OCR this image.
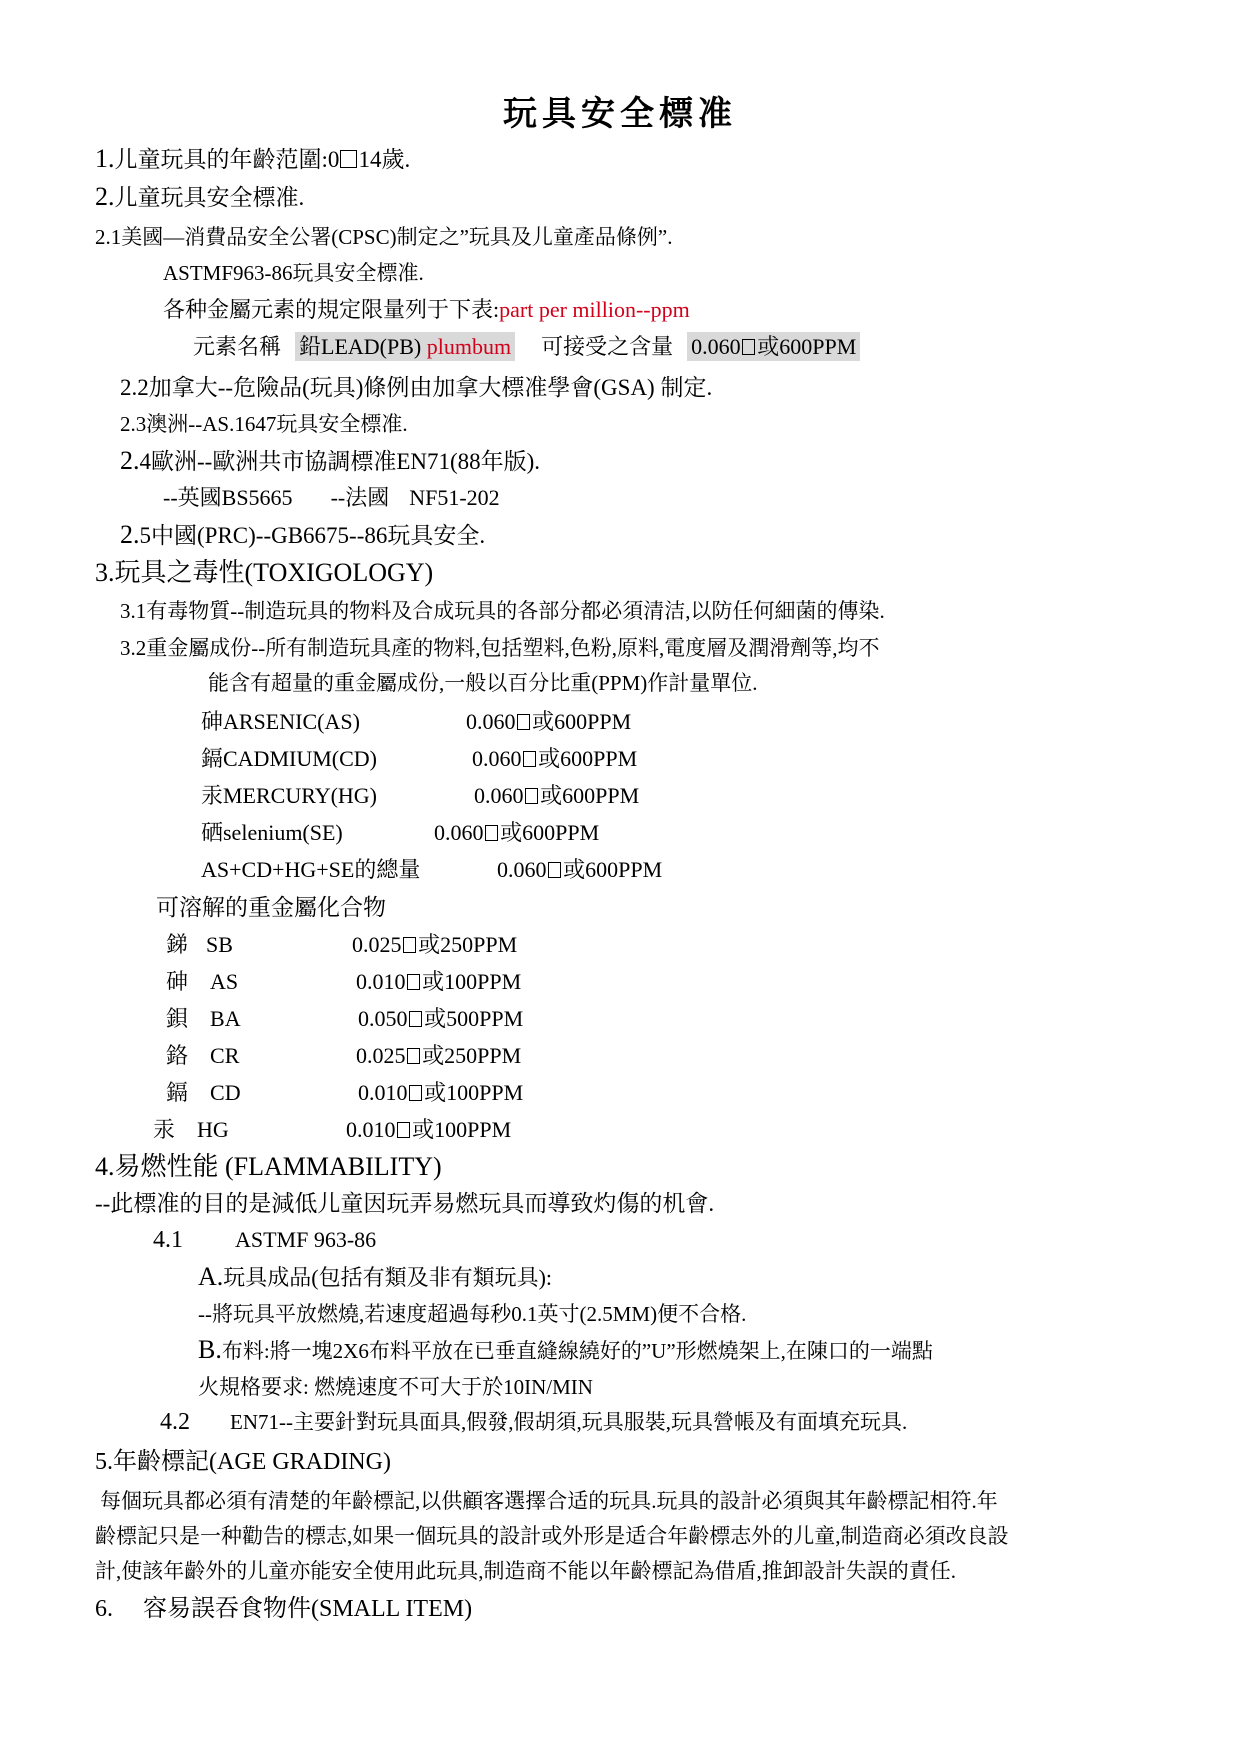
玩具安全標准
1.儿童玩具的年齡范圍:0 14歲.
2.儿童玩具安全標准.
2.1美國—消費品安全公署(CPSC)制定之”玩具及儿童產品條例”.
ASTMF963-86玩具安全標准.
各种金屬元素的規定限量列于下表:part per million--ppm
元素名稱 鉛LEAD(PB) plumbum 可接受之含量 0.060 或600PPM
2.2加拿大--危險品(玩具)條例由加拿大標准學會(GSA) 制定.
2.3澳洲--AS.1647玩具安全標准.
2.4歐洲--歐洲共市協調標准EN71(88年版).
--英國BS5665 --法國 NF51-202
2.5中國(PRC)--GB6675--86玩具安全.
3.玩具之毒性(TOXIGOLOGY)
3.1有毒物質--制造玩具的物料及合成玩具的各部分都必須清洁,以防任何細菌的傳染.
3.2重金屬成份--所有制造玩具產的物料,包括塑料,色粉,原料,電度層及潤滑劑等,均不
能含有超量的重金屬成份,一般以百分比重(PPM)作計量單位.
砷ARSENIC(AS)	0.060 或600PPM
鎘CADMIUM(CD)	0.060 或600PPM
汞MERCURY(HG)	0.060 或600PPM
硒selenium(SE)	0.060 或600PPM
AS+CD+HG+SE的總量	0.060 或600PPM
可溶解的重金屬化合物
銻 SB	0.025 或250PPM
砷 AS	0.010 或100PPM
鋇 BA	0.050 或500PPM
鉻 CR	0.025 或250PPM
鎘 CD	0.010 或100PPM
汞 HG	0.010 或100PPM
4.易燃性能 (FLAMMABILITY)
--此標准的目的是減低儿童因玩弄易燃玩具而導致灼傷的机會.
4.1 ASTMF 963-86
A.玩具成品(包括有類及非有類玩具):
--將玩具平放燃燒,若速度超過每秒0.1英寸(2.5MM)便不合格.
B.布料:將一塊2X6布料平放在已垂直縫線繞好的”U”形燃燒架上,在陳口的一端點
火規格要求: 燃燒速度不可大于於10IN/MIN
4.2 EN71--主要針對玩具面具,假發,假胡須,玩具服裝,玩具營帳及有面填充玩具.
5.年齡標記(AGE GRADING)
每個玩具都必須有清楚的年齡標記,以供顧客選擇合适的玩具.玩具的設計必須與其年齡標記相符.年
齡標記只是一种勸告的標志,如果一個玩具的設計或外形是适合年齡標志外的儿童,制造商必須改良設
計,使該年齡外的儿童亦能安全使用此玩具,制造商不能以年齡標記為借盾,推卸設計失誤的責任.
6. 容易誤吞食物件(SMALL ITEM)
